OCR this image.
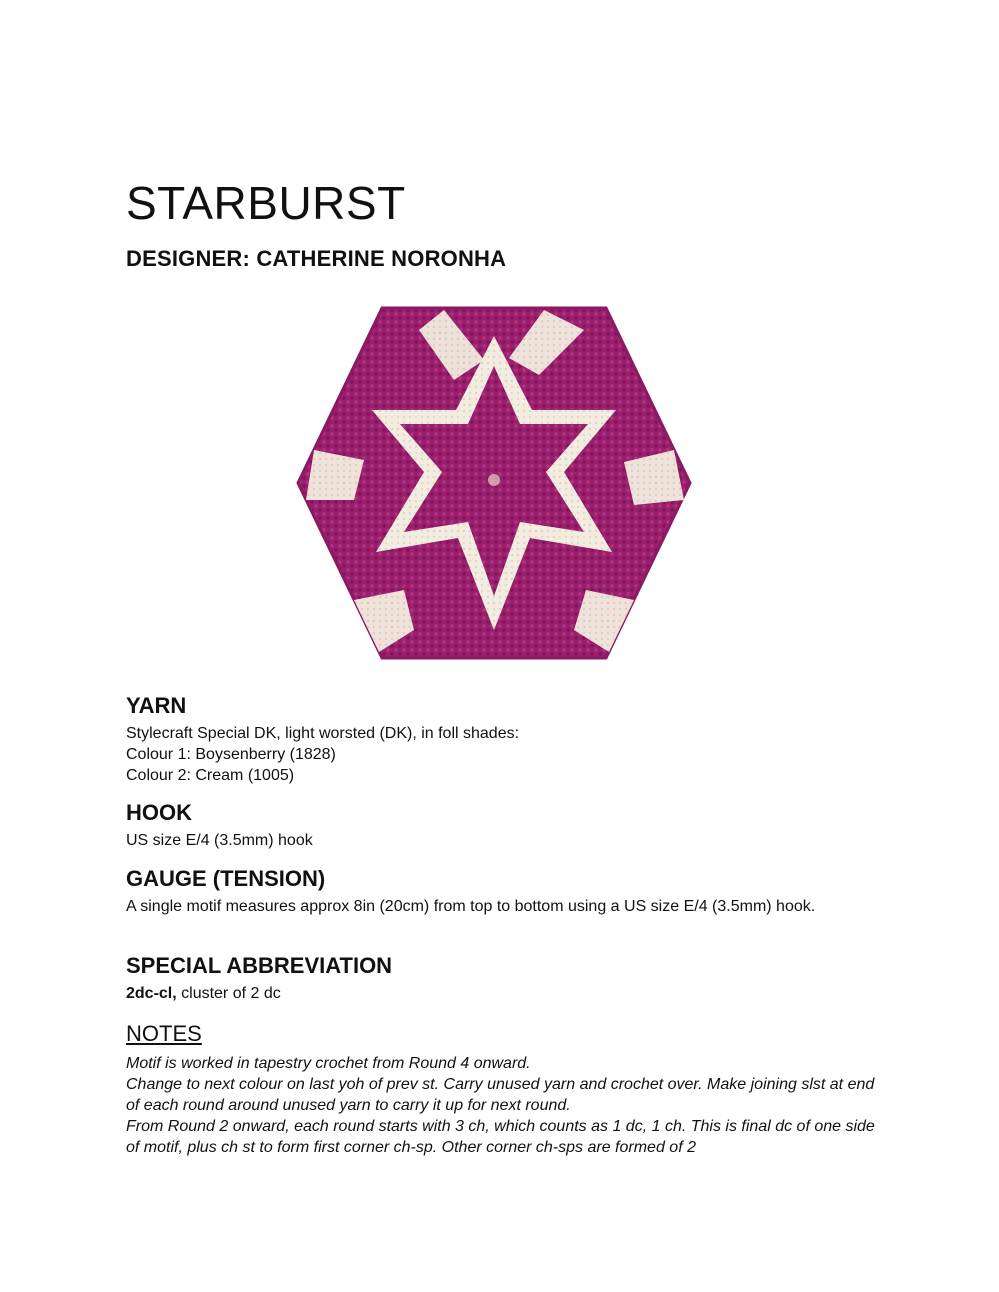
STARBURST
DESIGNER: CATHERINE NORONHA
YARN
Stylecraft Special DK, light worsted (DK), in foll shades:
Colour 1: Boysenberry (1828)
Colour 2: Cream (1005)
HOOK

US size E/4 (3.5mm) hook

GAUGE (TENSION)

A single motif measures approx 8in (20cm) from top to bottom using a US size E/4 (3.5mm) hook.

SPECIAL ABBREVIATION

2dc-cl, cluster of 2 dc

NOTES
Motif is worked in tapestry crochet from Round 4 onward.
Change to next colour on last yoh of prev st. Carry unused yarn and crochet over. Make joining slst at end of each round around unused yarn to carry it up for next round.
From Round 2 onward, each round starts with 3 ch, which counts as 1 dc, 1 ch. This is final dc of one side of motif, plus ch st to form first corner ch-sp. Other corner ch-sps are formed of 2
